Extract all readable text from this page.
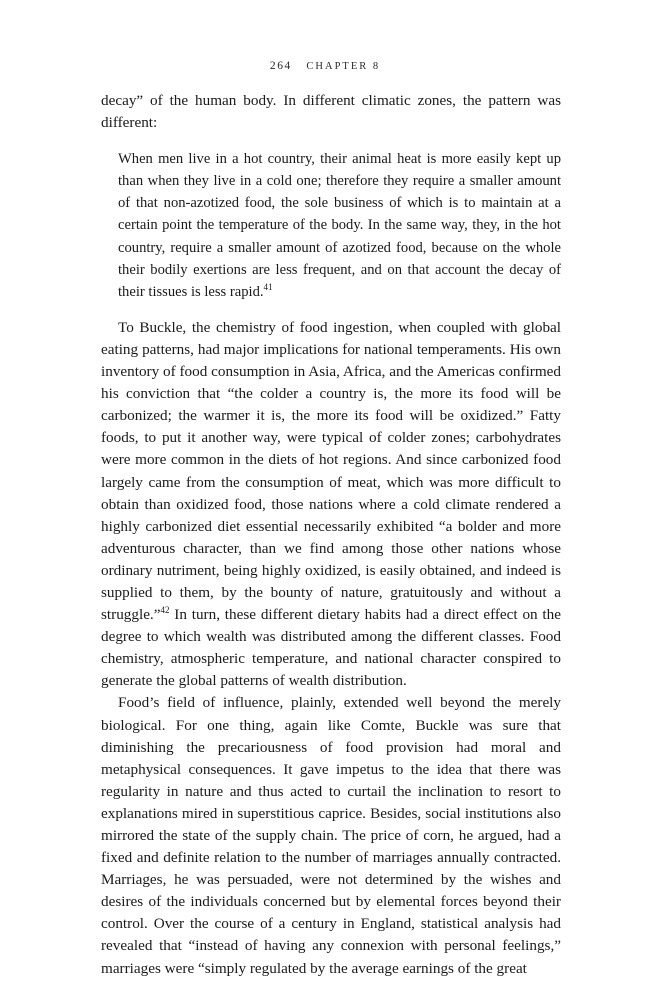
264 CHAPTER 8

decay” of the human body. In different climatic zones, the pattern was different:

When men live in a hot country, their animal heat is more easily kept up than when they live in a cold one; therefore they require a smaller amount of that non-azotized food, the sole business of which is to maintain at a certain point the temperature of the body. In the same way, they, in the hot country, require a smaller amount of azotized food, because on the whole their bodily exertions are less frequent, and on that account the decay of their tissues is less rapid.$^{41}$

To Buckle, the chemistry of food ingestion, when coupled with global eating patterns, had major implications for national temperaments. His own inventory of food consumption in Asia, Africa, and the Americas confirmed his conviction that “the colder a country is, the more its food will be carbonized; the warmer it is, the more its food will be oxidized.” Fatty foods, to put it another way, were typical of colder zones; carbohydrates were more common in the diets of hot regions. And since carbonized food largely came from the consumption of meat, which was more difficult to obtain than oxidized food, those nations where a cold climate rendered a highly carbonized diet essential necessarily exhibited “a bolder and more adventurous character, than we find among those other nations whose ordinary nutriment, being highly oxidized, is easily obtained, and indeed is supplied to them, by the bounty of nature, gratuitously and without a struggle.”$^{42}$ In turn, these different dietary habits had a direct effect on the degree to which wealth was distributed among the different classes. Food chemistry, atmospheric temperature, and national character conspired to generate the global patterns of wealth distribution.

Food’s field of influence, plainly, extended well beyond the merely biological. For one thing, again like Comte, Buckle was sure that diminishing the precariousness of food provision had moral and metaphysical consequences. It gave impetus to the idea that there was regularity in nature and thus acted to curtail the inclination to resort to explanations mired in superstitious caprice. Besides, social institutions also mirrored the state of the supply chain. The price of corn, he argued, had a fixed and definite relation to the number of marriages annually contracted. Marriages, he was persuaded, were not determined by the wishes and desires of the individuals concerned but by elemental forces beyond their control. Over the course of a century in England, statistical analysis had revealed that “instead of having any connexion with personal feelings,” marriages were “simply regulated by the average earnings of the great
